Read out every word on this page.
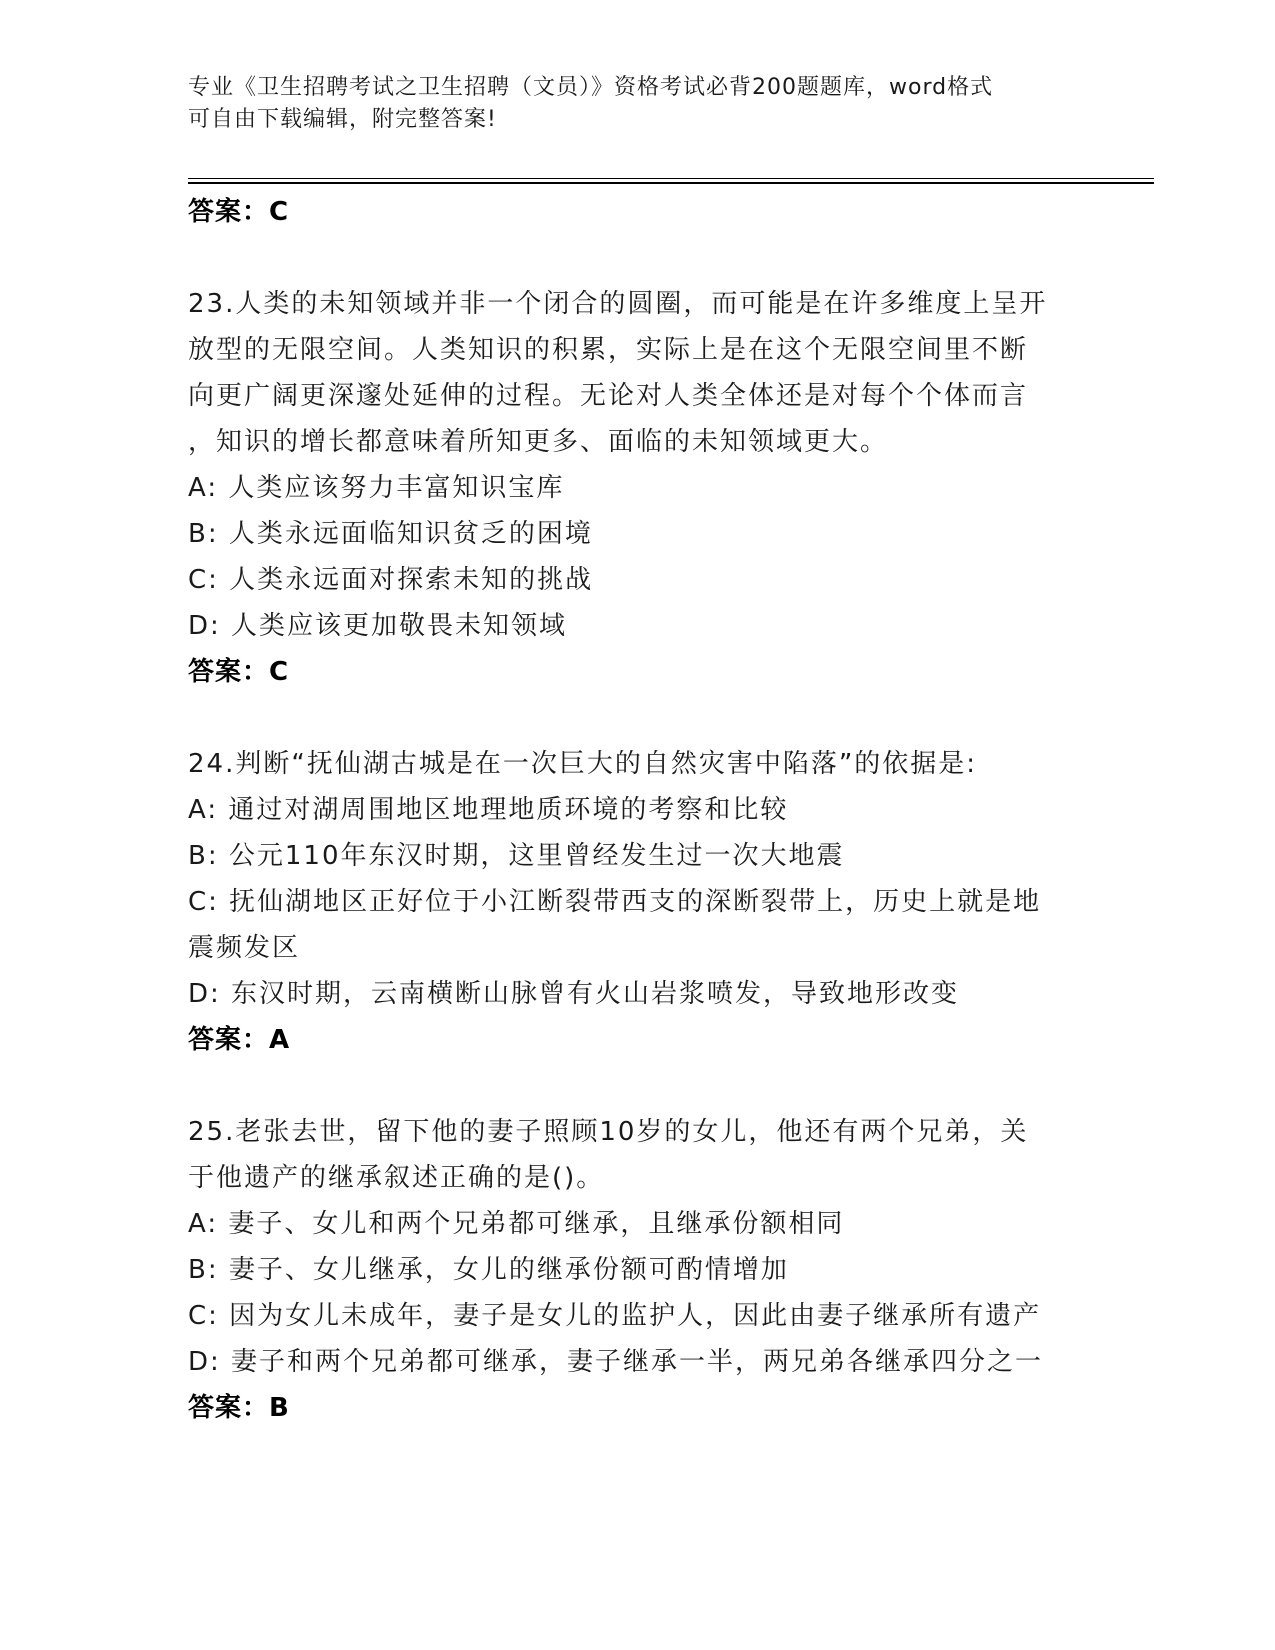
专业《卫生招聘考试之卫生招聘（文员）》资格考试必背200题题库，word格式
可自由下载编辑，附完整答案!
答案：C
23.人类的未知领域并非一个闭合的圆圈，而可能是在许多维度上呈开
放型的无限空间。人类知识的积累，实际上是在这个无限空间里不断
向更广阔更深邃处延伸的过程。无论对人类全体还是对每个个体而言
，知识的增长都意味着所知更多、面临的未知领域更大。
A: 人类应该努力丰富知识宝库
B: 人类永远面临知识贫乏的困境
C: 人类永远面对探索未知的挑战
D: 人类应该更加敬畏未知领域
答案：C
24.判断“抚仙湖古城是在一次巨大的自然灾害中陷落”的依据是:
A: 通过对湖周围地区地理地质环境的考察和比较
B: 公元110年东汉时期，这里曾经发生过一次大地震
C: 抚仙湖地区正好位于小江断裂带西支的深断裂带上，历史上就是地
震频发区
D: 东汉时期，云南横断山脉曾有火山岩浆喷发，导致地形改变
答案：A
25.老张去世，留下他的妻子照顾10岁的女儿，他还有两个兄弟，关
于他遗产的继承叙述正确的是()。
A: 妻子、女儿和两个兄弟都可继承，且继承份额相同
B: 妻子、女儿继承，女儿的继承份额可酌情增加
C: 因为女儿未成年，妻子是女儿的监护人，因此由妻子继承所有遗产
D: 妻子和两个兄弟都可继承，妻子继承一半，两兄弟各继承四分之一
答案：B
